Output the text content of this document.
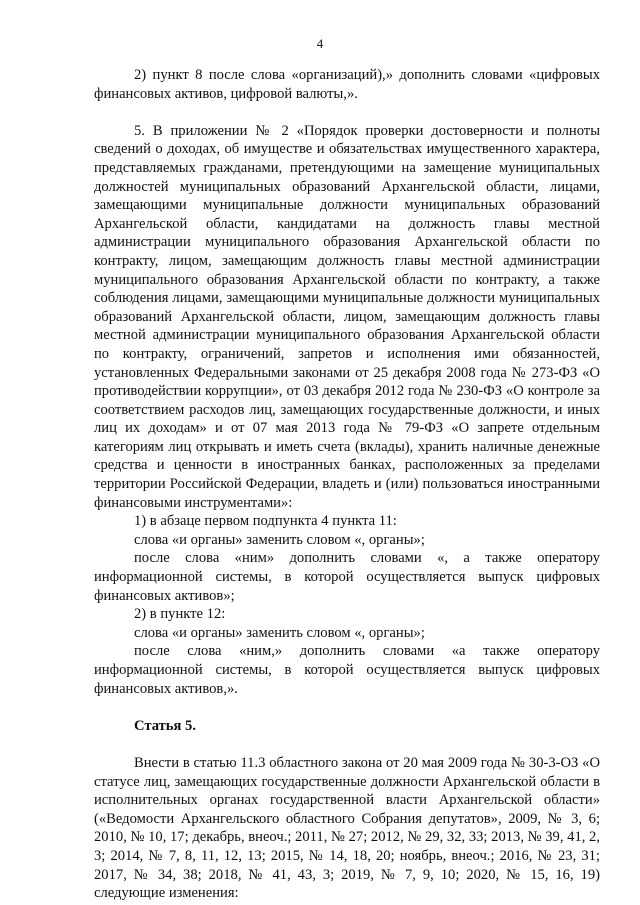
4

2) пункт 8 после слова «организаций),» дополнить словами «цифровых финансовых активов, цифровой валюты,».

5. В приложении № 2 «Порядок проверки достоверности и полноты сведений о доходах, об имуществе и обязательствах имущественного характера, представляемых гражданами, претендующими на замещение муниципальных должностей муниципальных образований Архангельской области, лицами, замещающими муниципальные должности муниципальных образований Архангельской области, кандидатами на должность главы местной администрации муниципального образования Архангельской области по контракту, лицом, замещающим должность главы местной администрации муниципального образования Архангельской области по контракту, а также соблюдения лицами, замещающими муниципальные должности муниципальных образований Архангельской области, лицом, замещающим должность главы местной администрации муниципального образования Архангельской области по контракту, ограничений, запретов и исполнения ими обязанностей, установленных Федеральными законами от 25 декабря 2008 года № 273-ФЗ «О противодействии коррупции», от 03 декабря 2012 года № 230-ФЗ «О контроле за соответствием расходов лиц, замещающих государственные должности, и иных лиц их доходам» и от 07 мая 2013 года № 79-ФЗ «О запрете отдельным категориям лиц открывать и иметь счета (вклады), хранить наличные денежные средства и ценности в иностранных банках, расположенных за пределами территории Российской Федерации, владеть и (или) пользоваться иностранными финансовыми инструментами»:

1) в абзаце первом подпункта 4 пункта 11:

слова «и органы» заменить словом «, органы»;

после слова «ним» дополнить словами «, а также оператору информационной системы, в которой осуществляется выпуск цифровых финансовых активов»;

2) в пункте 12:

слова «и органы» заменить словом «, органы»;

после слова «ним,» дополнить словами «а также оператору информационной системы, в которой осуществляется выпуск цифровых финансовых активов,».

Статья 5.

Внести в статью 11.3 областного закона от 20 мая 2009 года № 30-3-ОЗ «О статусе лиц, замещающих государственные должности Архангельской области в исполнительных органах государственной власти Архангельской области» («Ведомости Архангельского областного Собрания депутатов», 2009, № 3, 6; 2010, № 10, 17; декабрь, внеоч.; 2011, № 27; 2012, № 29, 32, 33; 2013, № 39, 41, 2, 3; 2014, № 7, 8, 11, 12, 13; 2015, № 14, 18, 20; ноябрь, внеоч.; 2016, № 23, 31; 2017, № 34, 38; 2018, № 41, 43, 3; 2019, № 7, 9, 10; 2020, № 15, 16, 19) следующие изменения:
